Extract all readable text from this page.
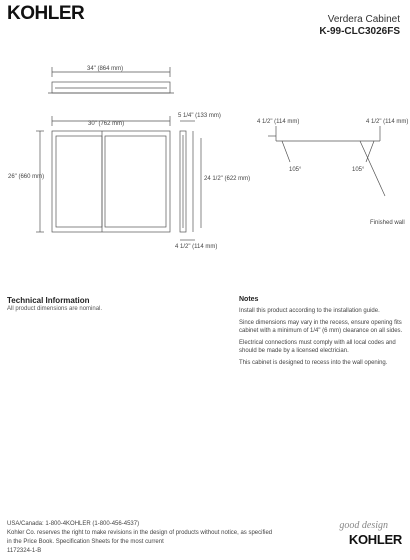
KOHLER	Verdera Cabinet
K-99-CLC3026FS
34" (864 mm)
30" (762 mm)
5 1/4" (133 mm)
26" (660 mm)	24 1/2" (622 mm)
4 1/2" (114 mm)
4 1/2" (114 mm)	4 1/2" (114 mm)
105°	105°
Finished wall
Technical Information
All product dimensions are nominal.
Notes

Install this product according to the installation guide.

Since dimensions may vary in the recess, ensure opening fits cabinet with a minimum of 1/4" (6 mm) clearance on all sides.

Electrical connections must comply with all local codes and should be made by a licensed electrician.

This cabinet is designed to recess into the wall opening.

USA/Canada: 1-800-4KOHLER (1-800-456-4537)
Kohler Co. reserves the right to make revisions in the design of products without notice, as specified
in the Price Book. Specification Sheets for the most current
1172324-1-B
good design
KOHLER
